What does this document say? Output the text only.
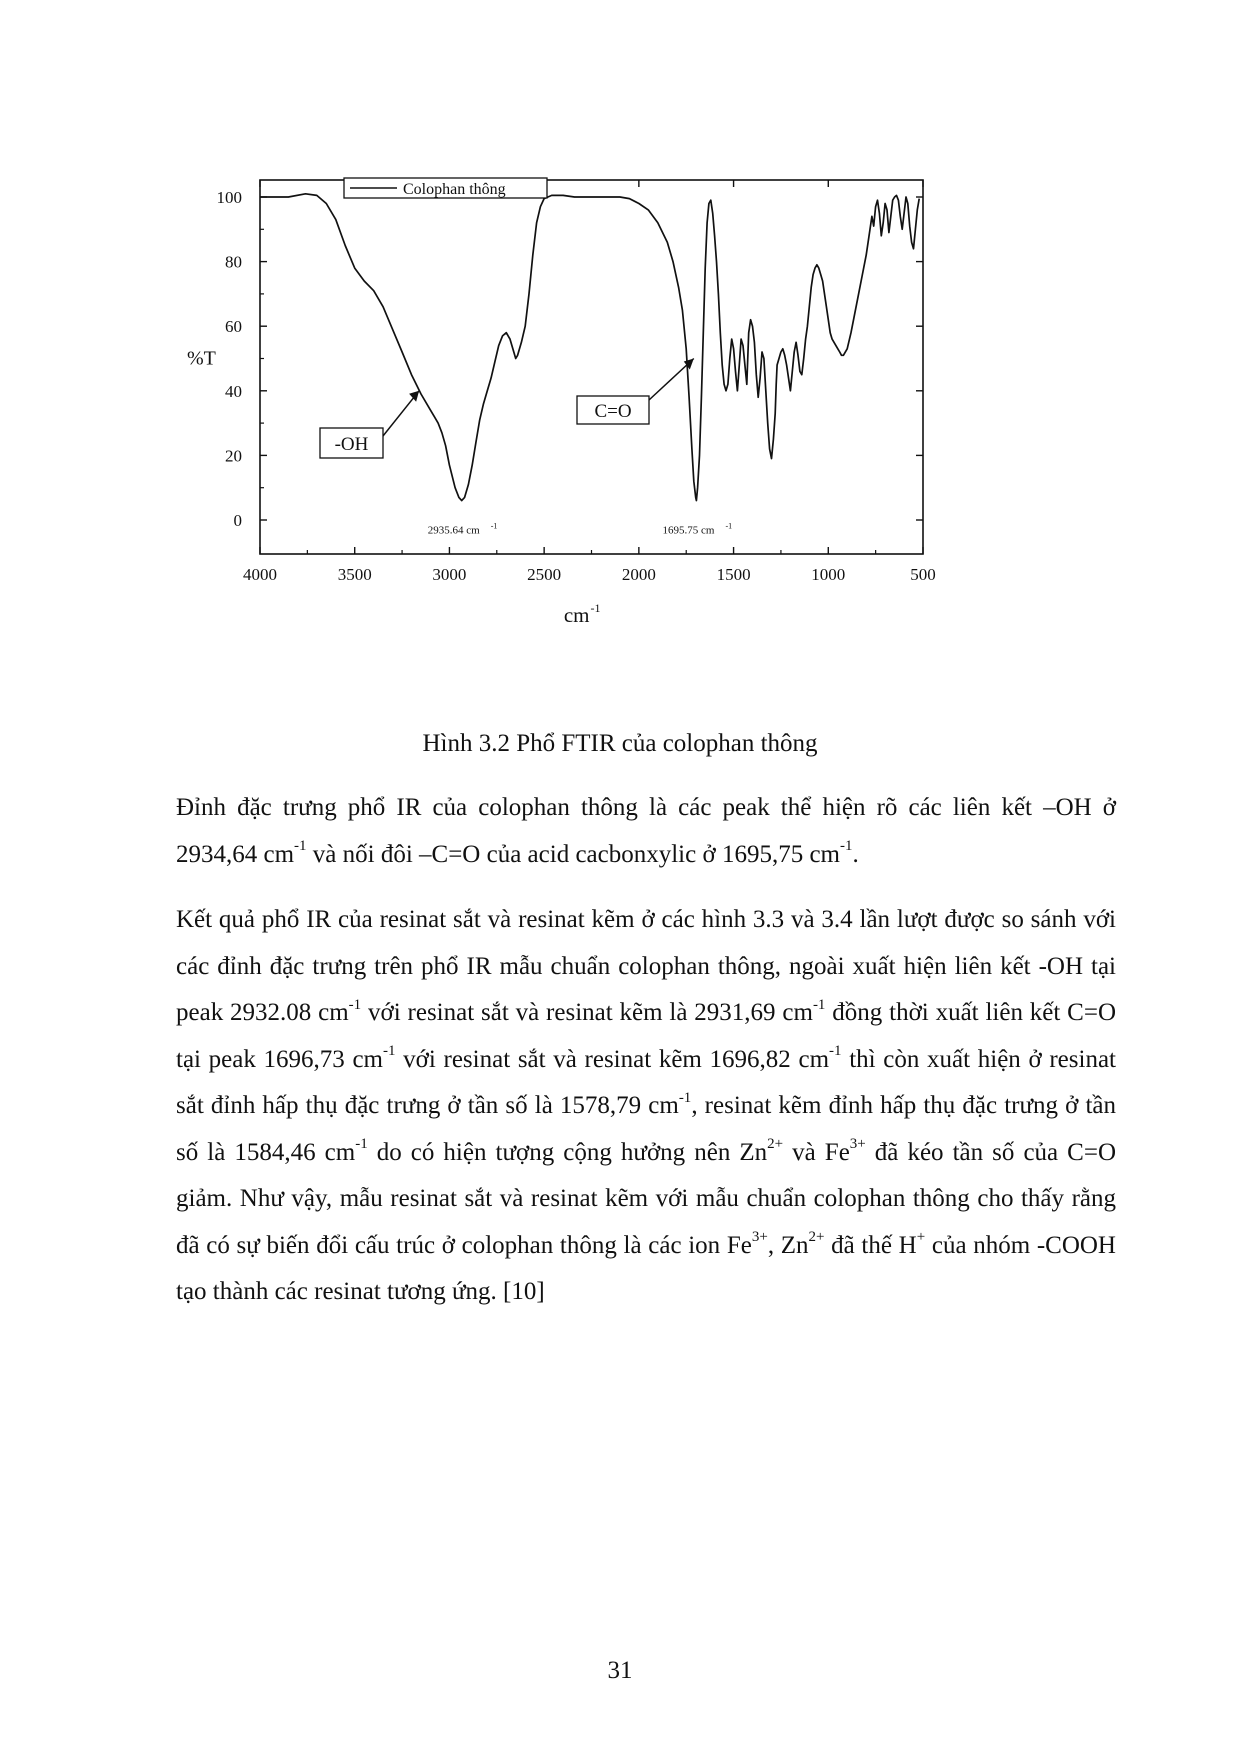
4000	3500	3000	2500	2000	1500	1000	500
100
80
60
40
20
0
%T
cm -1
Colophan thông
-OH
C=O
2935.64 cm -1	1695.75 cm -1
Hình 3.2 Phổ FTIR của colophan thông
Đỉnh đặc trưng phổ IR của colophan thông là các peak thể hiện rõ các liên kết –OH ở 2934,64 $cm^{-1}$ và nối đôi –C=O của acid cacbonxylic ở 1695,75 $cm^{-1}$.
Kết quả phổ IR của resinat sắt và resinat kẽm ở các hình 3.3 và 3.4 lần lượt được so sánh với các đỉnh đặc trưng trên phổ IR mẫu chuẩn colophan thông, ngoài xuất hiện liên kết -OH tại peak 2932.08 $cm^{-1}$ với resinat sắt và resinat kẽm là 2931,69 $cm^{-1}$ đồng thời xuất liên kết C=O tại peak 1696,73 $cm^{-1}$ với resinat sắt và resinat kẽm 1696,82 $cm^{-1}$ thì còn xuất hiện ở resinat sắt đỉnh hấp thụ đặc trưng ở tần số là 1578,79 $cm^{-1}$, resinat kẽm đỉnh hấp thụ đặc trưng ở tần số là 1584,46 $cm^{-1}$ do có hiện tượng cộng hưởng nên $Zn^{2+}$ và $Fe^{3+}$ đã kéo tần số của C=O giảm. Như vậy, mẫu resinat sắt và resinat kẽm với mẫu chuẩn colophan thông cho thấy rằng đã có sự biến đổi cấu trúc ở colophan thông là các ion $Fe^{3+}$, $Zn^{2+}$ đã thế H+ của nhóm -COOH tạo thành các resinat tương ứng. [10]
31
